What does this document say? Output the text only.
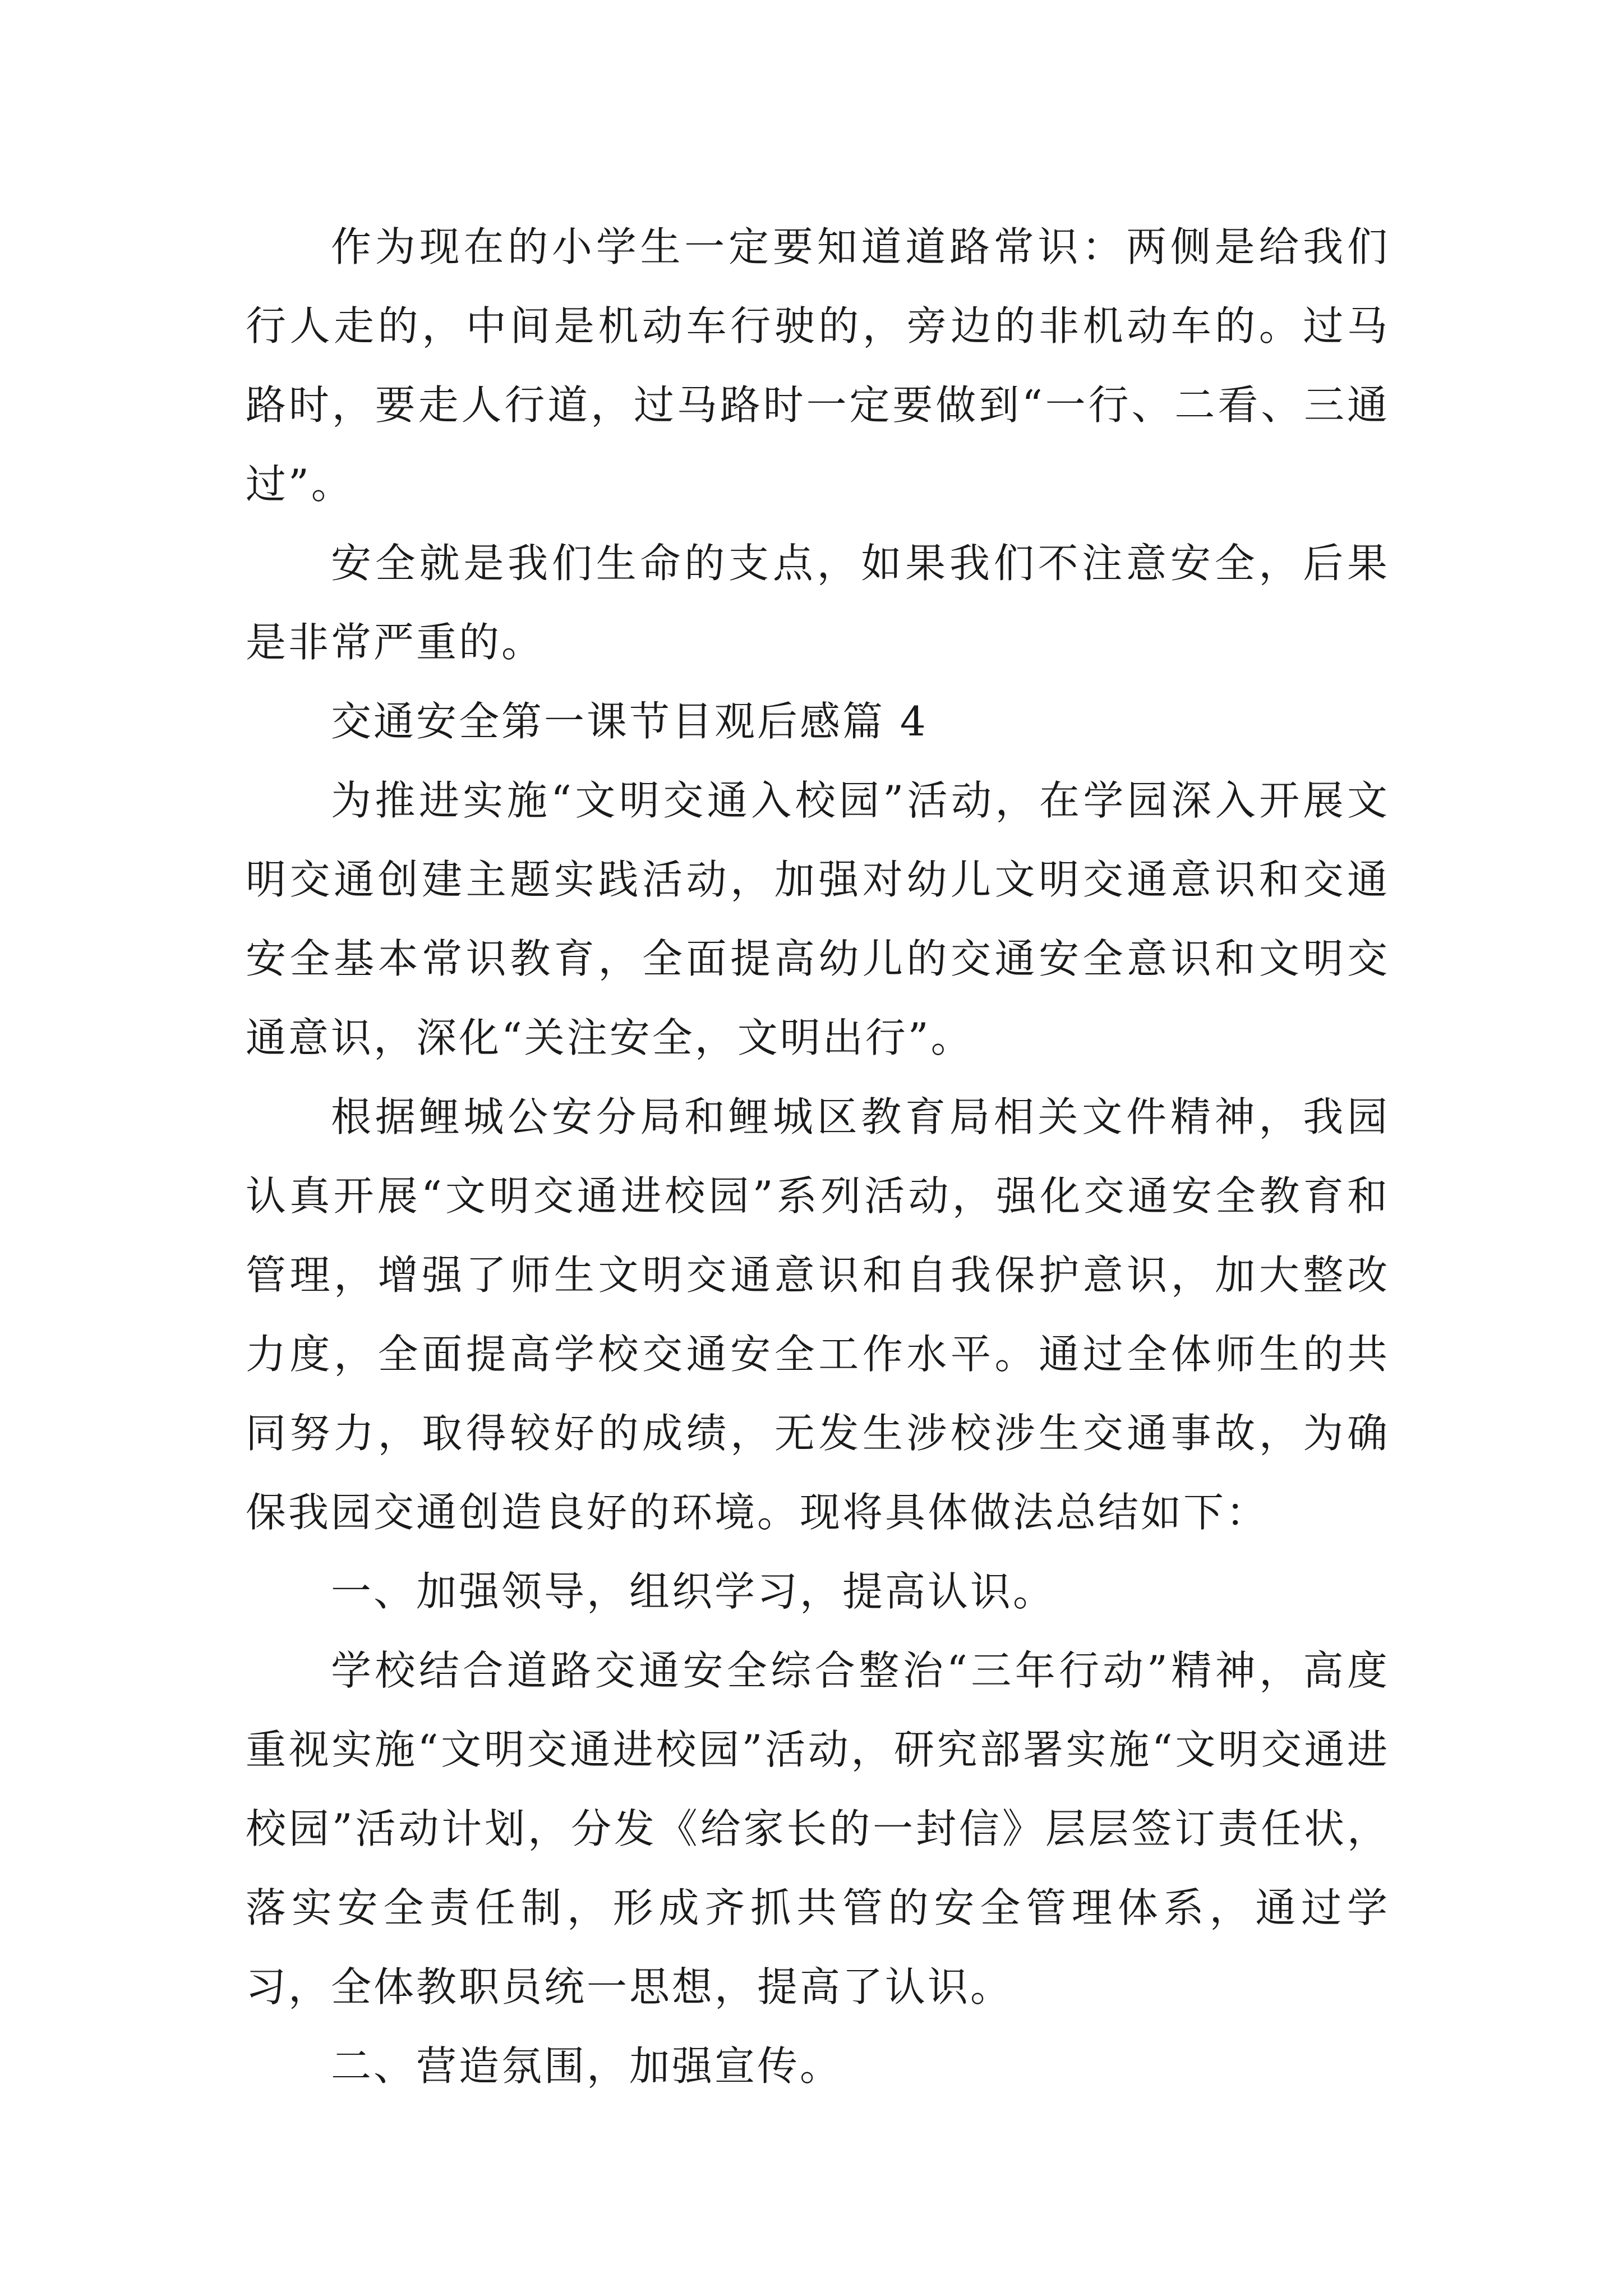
作为现在的小学生一定要知道道路常识：两侧是给我们行人走的，中间是机动车行驶的，旁边的非机动车的。过马路时，要走人行道，过马路时一定要做到“一行、二看、三通过”。

安全就是我们生命的支点，如果我们不注意安全，后果是非常严重的。

交通安全第一课节目观后感篇 4

为推进实施“文明交通入校园”活动，在学园深入开展文明交通创建主题实践活动，加强对幼儿文明交通意识和交通安全基本常识教育，全面提高幼儿的交通安全意识和文明交通意识，深化“关注安全，文明出行”。

根据鲤城公安分局和鲤城区教育局相关文件精神，我园认真开展“文明交通进校园”系列活动，强化交通安全教育和管理，增强了师生文明交通意识和自我保护意识，加大整改力度，全面提高学校交通安全工作水平。通过全体师生的共同努力，取得较好的成绩，无发生涉校涉生交通事故，为确保我园交通创造良好的环境。现将具体做法总结如下：

一、加强领导，组织学习，提高认识。

学校结合道路交通安全综合整治“三年行动”精神，高度重视实施“文明交通进校园”活动，研究部署实施“文明交通进校园”活动计划，分发《给家长的一封信》层层签订责任状，落实安全责任制，形成齐抓共管的安全管理体系，通过学习，全体教职员统一思想，提高了认识。

二、营造氛围，加强宣传。
